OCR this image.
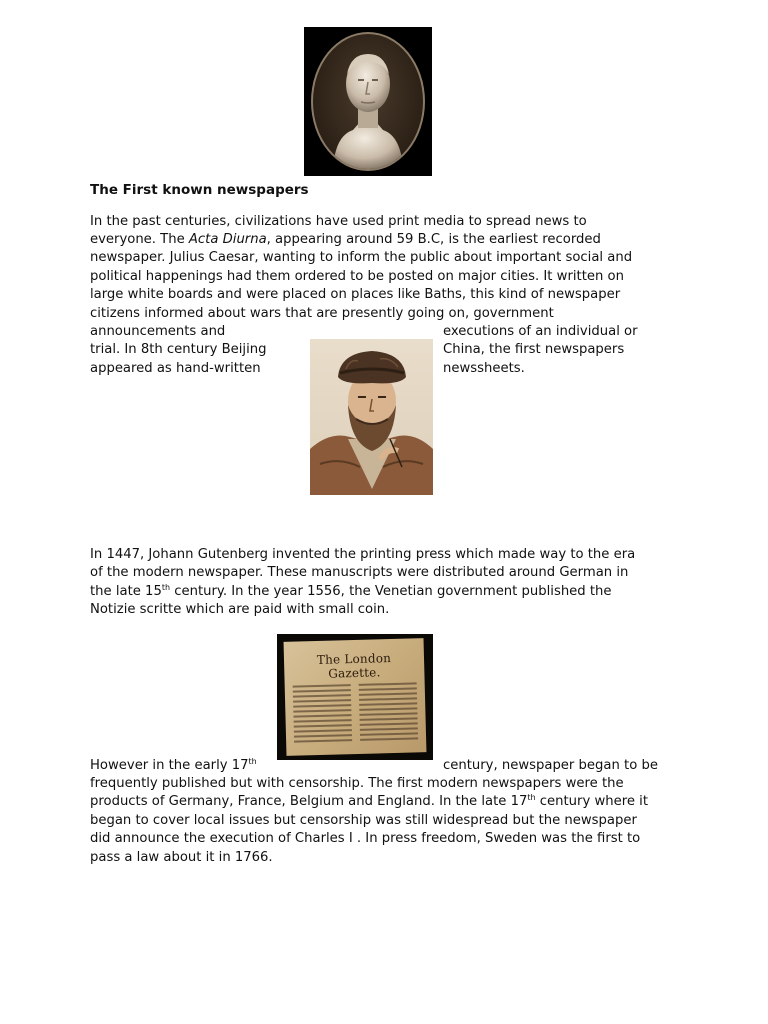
The First known newspapers
In the past centuries, civilizations have used print media to spread news to
everyone. The Acta Diurna, appearing around 59 B.C, is the earliest recorded
newspaper. Julius Caesar, wanting to inform the public about important social and
political happenings had them ordered to be posted on major cities. It written on
large white boards and were placed on places like Baths, this kind of newspaper
citizens informed about wars that are presently going on, government
announcements and	executions of an individual or
trial. In 8th century Beijing	China, the first newspapers
appeared as hand-written	newssheets.
In 1447, Johann Gutenberg invented the printing press which made way to the era
of the modern newspaper. These manuscripts were distributed around German in
the late 15th century. In the year 1556, the Venetian government published the
Notizie scritte which are paid with small coin.
The London Gazette.
However in the early 17th	century, newspaper began to be
frequently published but with censorship. The first modern newspapers were the
products of Germany, France, Belgium and England. In the late 17th century where it
began to cover local issues but censorship was still widespread but the newspaper
did announce the execution of Charles I . In press freedom, Sweden was the first to
pass a law about it in 1766.
